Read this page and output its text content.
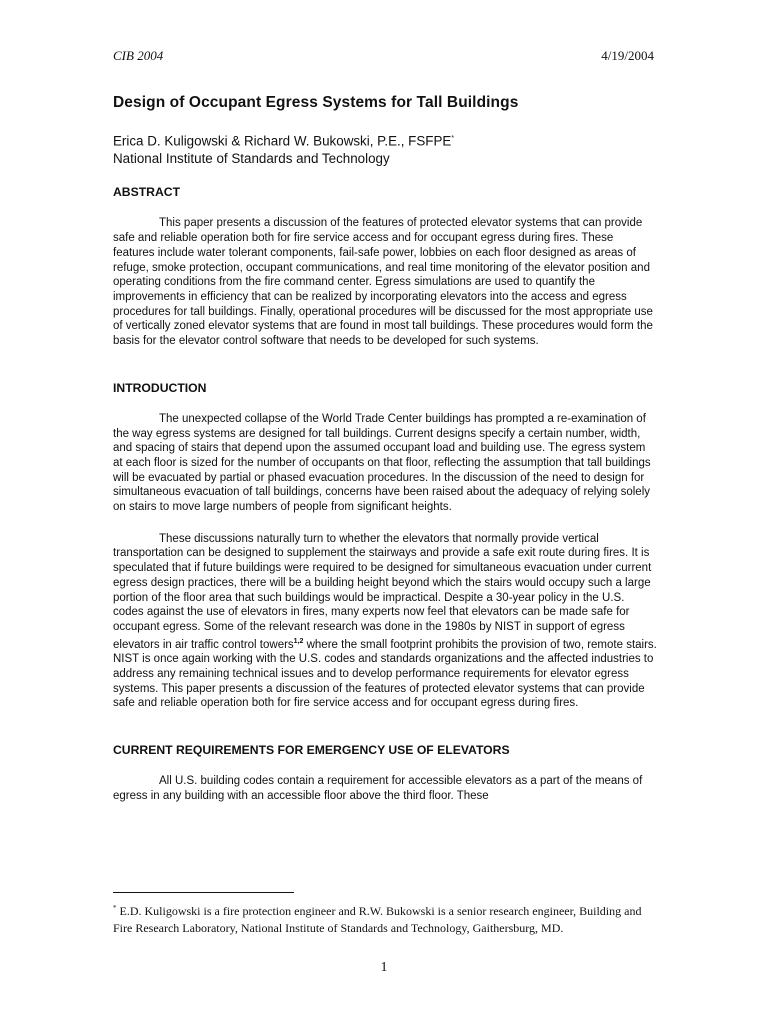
CIB 2004	4/19/2004
Design of Occupant Egress Systems for Tall Buildings

Erica D. Kuligowski & Richard W. Bukowski, P.E., FSFPE*
National Institute of Standards and Technology

ABSTRACT

This paper presents a discussion of the features of protected elevator systems that can provide safe and reliable operation both for fire service access and for occupant egress during fires. These features include water tolerant components, fail-safe power, lobbies on each floor designed as areas of refuge, smoke protection, occupant communications, and real time monitoring of the elevator position and operating conditions from the fire command center. Egress simulations are used to quantify the improvements in efficiency that can be realized by incorporating elevators into the access and egress procedures for tall buildings. Finally, operational procedures will be discussed for the most appropriate use of vertically zoned elevator systems that are found in most tall buildings. These procedures would form the basis for the elevator control software that needs to be developed for such systems.

INTRODUCTION

The unexpected collapse of the World Trade Center buildings has prompted a re-examination of the way egress systems are designed for tall buildings. Current designs specify a certain number, width, and spacing of stairs that depend upon the assumed occupant load and building use. The egress system at each floor is sized for the number of occupants on that floor, reflecting the assumption that tall buildings will be evacuated by partial or phased evacuation procedures. In the discussion of the need to design for simultaneous evacuation of tall buildings, concerns have been raised about the adequacy of relying solely on stairs to move large numbers of people from significant heights.

These discussions naturally turn to whether the elevators that normally provide vertical transportation can be designed to supplement the stairways and provide a safe exit route during fires. It is speculated that if future buildings were required to be designed for simultaneous evacuation under current egress design practices, there will be a building height beyond which the stairs would occupy such a large portion of the floor area that such buildings would be impractical. Despite a 30-year policy in the U.S. codes against the use of elevators in fires, many experts now feel that elevators can be made safe for occupant egress. Some of the relevant research was done in the 1980s by NIST in support of egress elevators in air traffic control towers$^{1,2}$ where the small footprint prohibits the provision of two, remote stairs. NIST is once again working with the U.S. codes and standards organizations and the affected industries to address any remaining technical issues and to develop performance requirements for elevator egress systems. This paper presents a discussion of the features of protected elevator systems that can provide safe and reliable operation both for fire service access and for occupant egress during fires.

CURRENT REQUIREMENTS FOR EMERGENCY USE OF ELEVATORS

All U.S. building codes contain a requirement for accessible elevators as a part of the means of egress in any building with an accessible floor above the third floor. These

* E.D. Kuligowski is a fire protection engineer and R.W. Bukowski is a senior research engineer, Building and Fire Research Laboratory, National Institute of Standards and Technology, Gaithersburg, MD.
1
